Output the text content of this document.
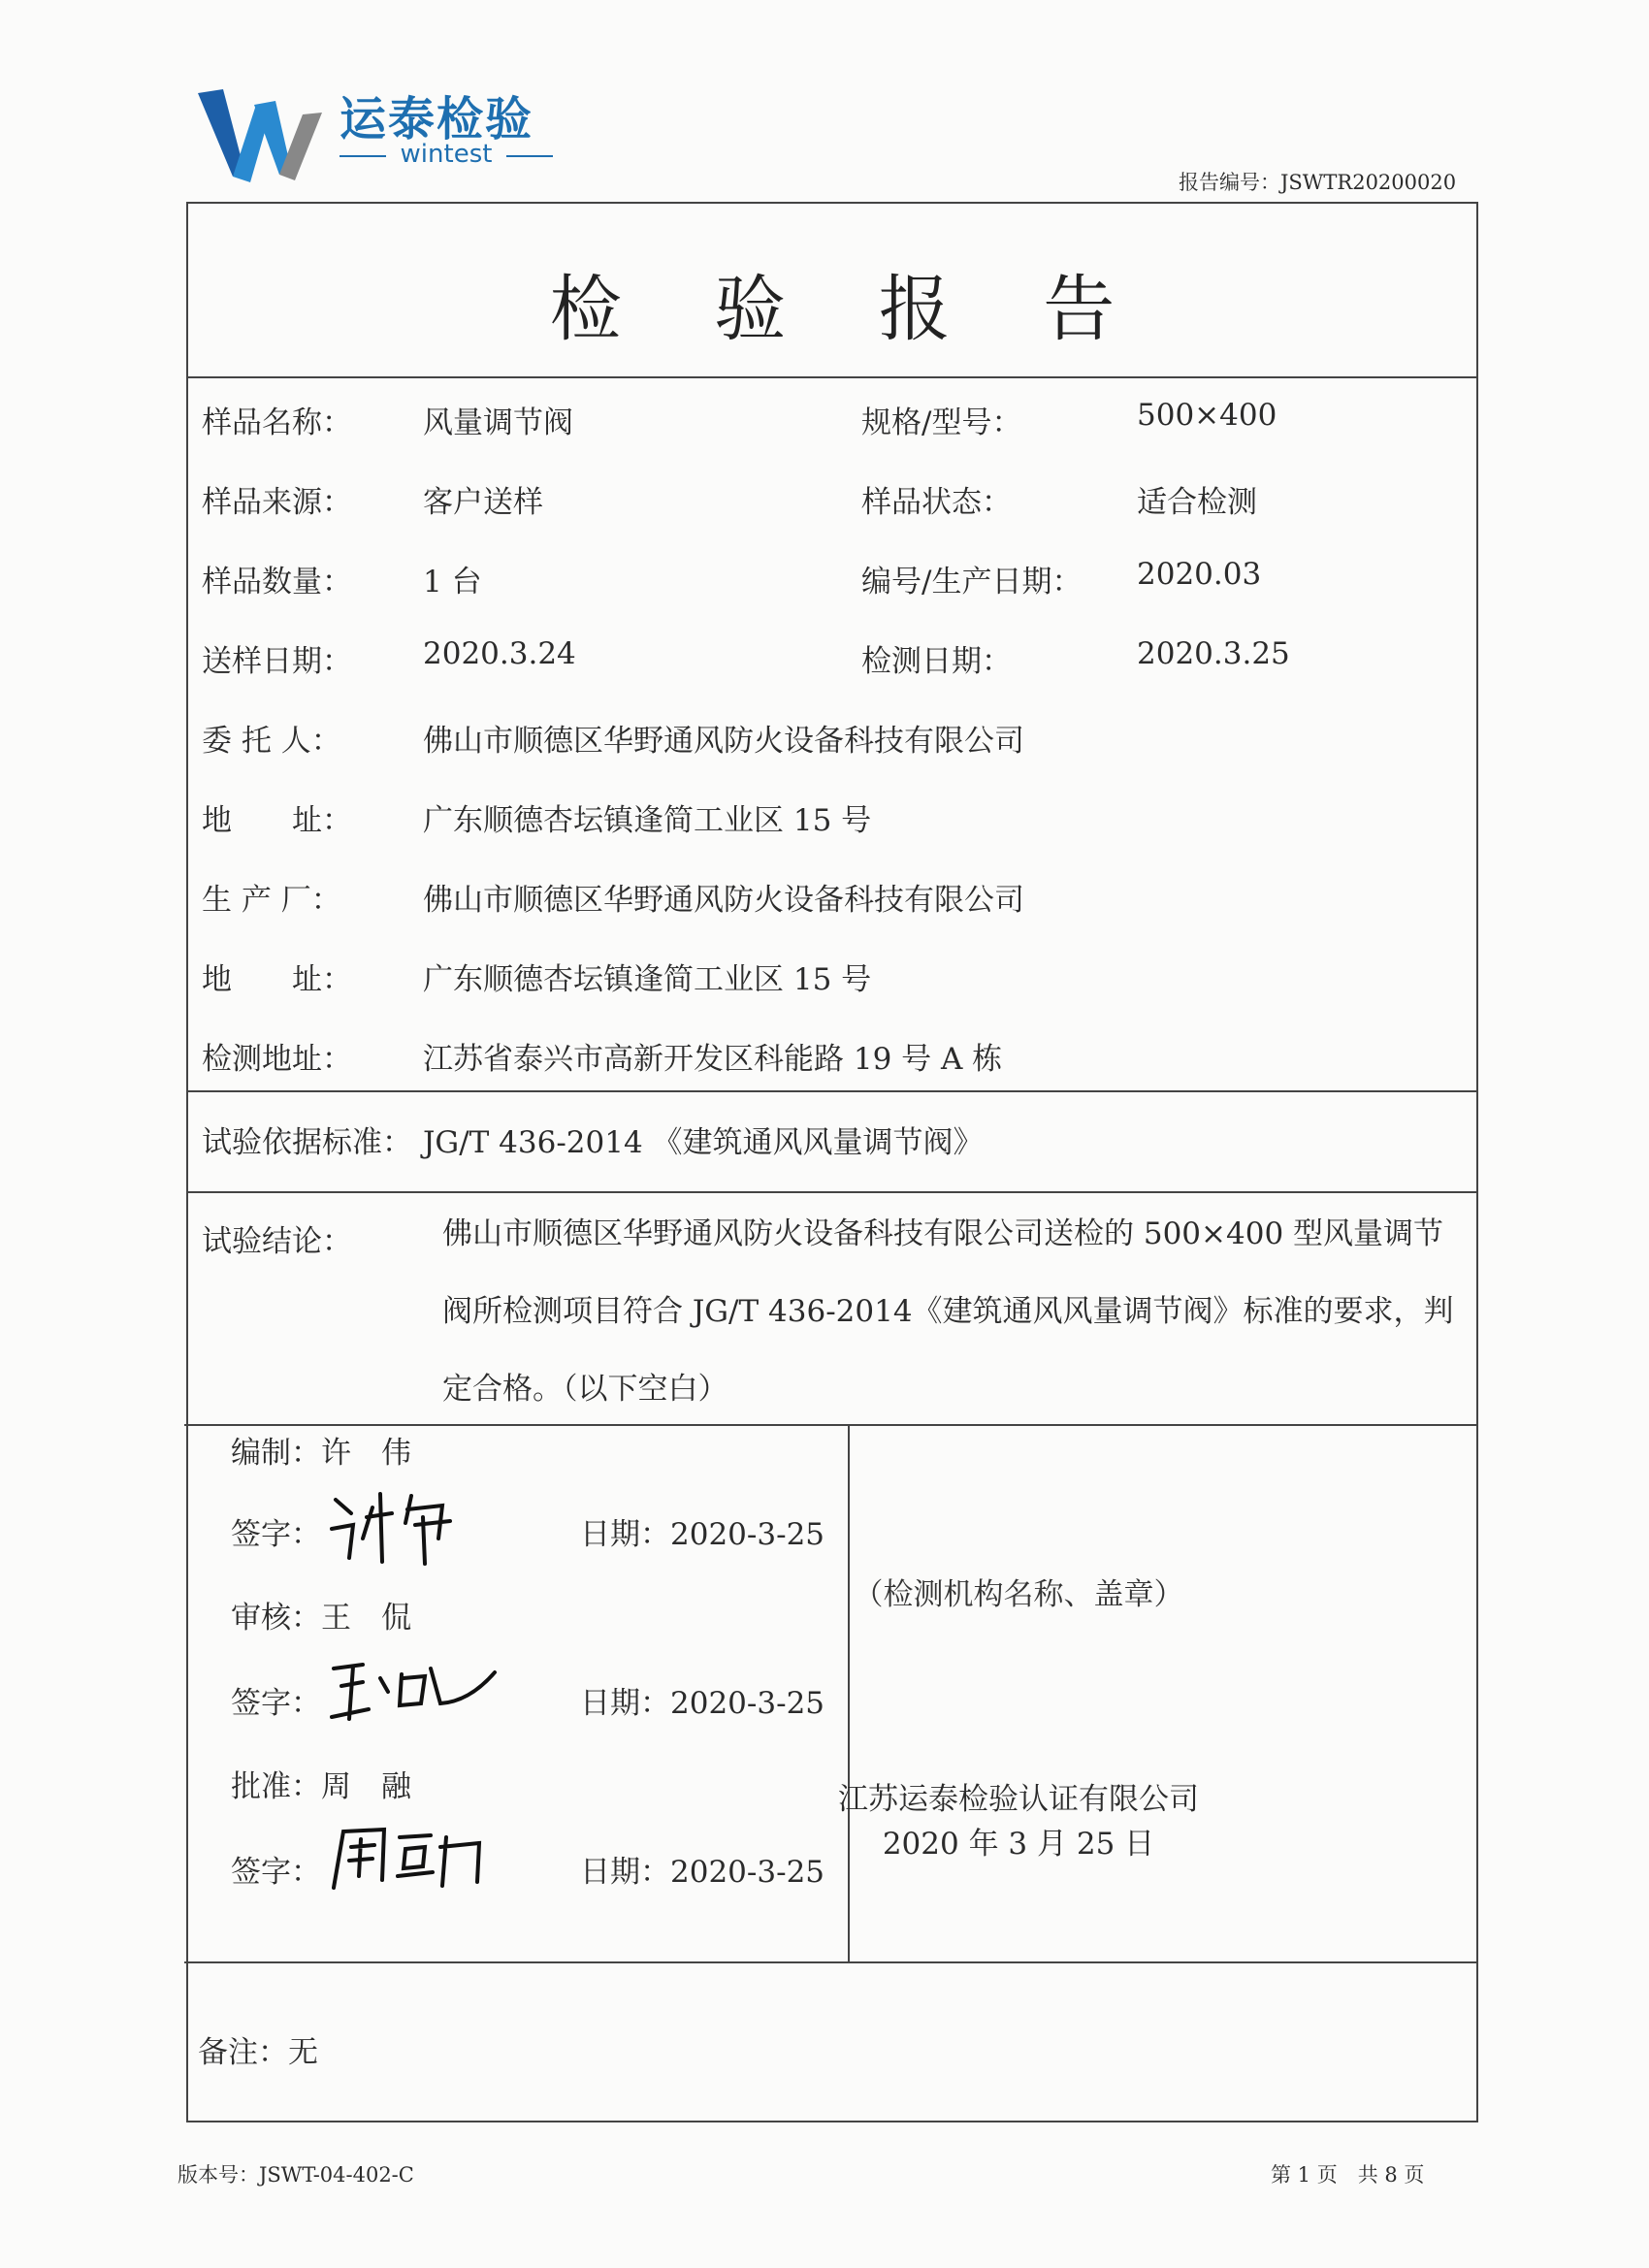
运泰检验
wintest
报告编号：JSWTR20200020
检 验 报 告
样品名称： 风量调节阀	规格/型号：	500×400
样品来源： 客户送样	样品状态：	适合检测
样品数量： 1 台	编号/生产日期： 2020.03
送样日期： 2020.3.24	检测日期：	2020.3.25
委 托 人：	佛山市顺德区华野通风防火设备科技有限公司
地　　址： 广东顺德杏坛镇逢简工业区 15 号
生 产 厂：	佛山市顺德区华野通风防火设备科技有限公司
地　　址： 广东顺德杏坛镇逢简工业区 15 号
检测地址： 江苏省泰兴市高新开发区科能路 19 号 A 栋
试验依据标准： JG/T 436-2014 《建筑通风风量调节阀》
试验结论：	佛山市顺德区华野通风防火设备科技有限公司送检的 500×400 型风量调节阀所检测项目符合 JG/T 436-2014《建筑通风风量调节阀》标准的要求，判定合格。（以下空白）
编制：许　伟
签字：	日期：2020-3-25
审核：王　侃
签字：	日期：2020-3-25
批准：周　融
签字：	日期：2020-3-25
备注：无
（检测机构名称、盖章）
江苏运泰检验认证有限公司
2020 年 3 月 25 日
版本号：JSWT-04-402-C	第 1 页　共 8 页
